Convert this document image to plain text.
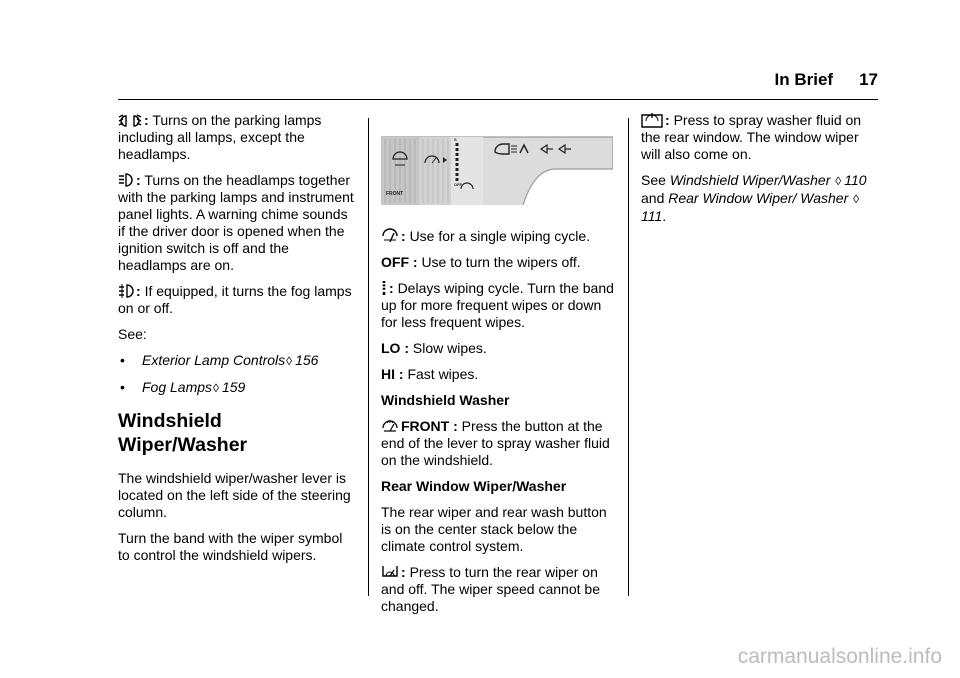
In Brief 17

: Turns on the parking lamps including all lamps, except the headlamps.

: Turns on the headlamps together with the parking lamps and instrument panel lights. A warning chime sounds if the driver door is opened when the ignition switch is off and the headlamps are on.

: If equipped, it turns the fog lamps on or off.

See:

•	Exterior Lamp Controls◊ 156
•	Fog Lamps◊ 159
Windshield Wiper/Washer

The windshield wiper/washer lever is located on the left side of the steering column.

Turn the band with the wiper symbol to control the windshield wipers.

FRONT
OFF
S

: Use for a single wiping cycle.

OFF : Use to turn the wipers off.

: Delays wiping cycle. Turn the band up for more frequent wipes or down for less frequent wipes.

LO : Slow wipes.

HI : Fast wipes.

Windshield Washer

FRONT : Press the button at the end of the lever to spray washer fluid on the windshield.

Rear Window Wiper/Washer

The rear wiper and rear wash button is on the center stack below the climate control system.

: Press to turn the rear wiper on and off. The wiper speed cannot be changed.

: Press to spray washer fluid on the rear window. The window wiper will also come on.

See Windshield Wiper/Washer ◊ 110 and Rear Window Wiper/ Washer ◊111.

carmanualsonline.info
